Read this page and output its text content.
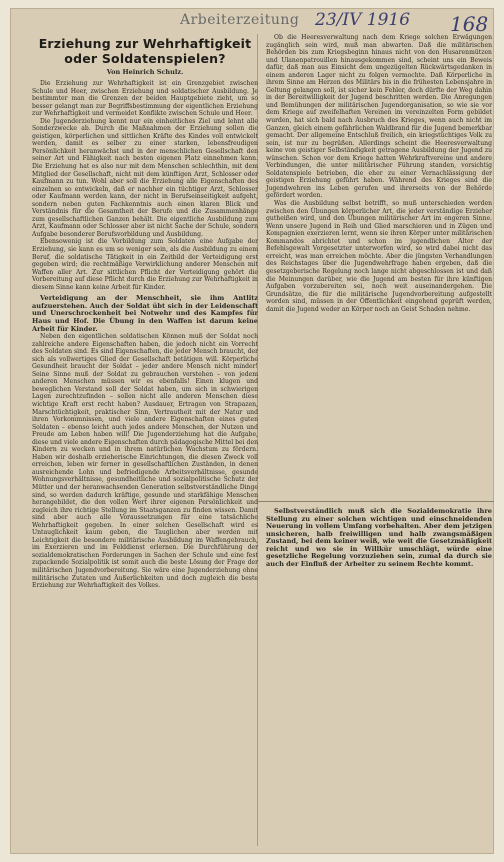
Arbeiterzeitung 23/IV 1916 168
Erziehung zur Wehrhaftigkeit oder Soldatenspielen?
Von Heinrich Schulz.

Die Erziehung zur Wehrhaftigkeit ist ein Grenzgebiet zwischen Schule und Heer, zwischen Erziehung und soldatischer Ausbildung. Je bestimmter man die Grenzen der beiden Hauptgebiete zieht, um so besser gelangt man zur Begriffsbestimmung der eigentlichen Erziehung zur Wehrhaftigkeit und vermeidet Konflikte zwischen Schule und Heer.

Die Jugenderziehung kennt nur ein einheitliches Ziel und lehnt alle Sonderzwecke ab. Durch die Maßnahmen der Erziehung sollen die geistigen, körperlichen und sittlichen Kräfte des Kindes voll entwickelt werden, damit es selber zu einer starken, lebensfreudigen Persönlichkeit heranwächst und in der menschlichen Gesellschaft den seiner Art und Fähigkeit nach besten eigenen Platz einnehmen kann. Die Erziehung hat es also nur mit dem Menschen schlechthin, mit dem Mitglied der Gesellschaft, nicht mit dem künftigen Arzt, Schlosser oder Kaufmann zu tun. Wohl aber soll die Erziehung alle Eigenschaften des einzelnen so entwickeln, daß er nachher ein tüchtiger Arzt, Schlosser oder Kaufmann werden kann, der nicht in Berufseinseitigkeit aufgeht, sondern neben guten Fachkenntnis auch einen klaren Blick und Verständnis für die Gesamtheit der Berufe und die Zusammenhänge zum gesellschaftlichen Ganzen behält. Die eigentliche Ausbildung zum Arzt, Kaufmann oder Schlosser aber ist nicht Sache der Schule, sondern Aufgabe besonderer Berufsvorbildung und Ausbildung.

Ebensowenig ist die Vorbildung zum Soldaten eine Aufgabe der Erziehung, sie kann es um so weniger sein, als die Ausbildung zu einem Beruf, die soldatische Tätigkeit in ein Zeitbild der Verteidigung erst gegeben wird; die rechtmäßige Verwirklichung anderer Menschen mit Waffen aller Art. Zur sittlichen Pflicht der Verteidigung gehört die Vorbereitung auf diese Pflicht durch die Erziehung zur Wehrhaftigkeit in diesem Sinne kann keine Arbeit für Kinder.

Verteidigung an der Menschheit, sie ihm Antlitz aufzuerstehen. Auch der Soldat übt sich in der Leidenschaft und Unerschrockenheit bei Notwehr und des Kampfes für Haus und Hof. Die Übung in den Waffen ist darum keine Arbeit für Kinder.

Neben den eigentlichen soldatischen Können muß der Soldat noch zahlreiche andere Eigenschaften haben, die jedoch nicht ein Vorrecht des Soldaten sind. Es sind Eigenschaften, die jeder Mensch braucht, der sich als vollwertiges Glied der Gesellschaft betätigen will. Körperliche Gesundheit braucht der Soldat – jeder andere Mensch nicht minder! Seine Sinne muß der Soldat zu gebrauchen verstehen – von jedem anderen Menschen müssen wir es ebenfalls! Einen klugen und beweglichen Verstand soll der Soldat haben, um sich in schwierigen Lagen zurechtzufinden – sollen nicht alle anderen Menschen diese wichtige Kraft erst recht haben? Ausdauer, Ertragen von Strapazen, Marschtüchtigkeit, praktischer Sinn, Vertrautheit mit der Natur und ihren Vorkommnissen, und viele andere Eigenschaften eines guten Soldaten – ebenso leicht auch jedes andere Menschen, der Nutzen und Freude am Leben haben will! Die Jugenderziehung hat die Aufgabe, diese und viele andere Eigenschaften durch pädagogische Mittel bei den Kindern zu wecken und in ihrem natürlichen Wachstum zu fördern. Haben wir deshalb erzieherische Einrichtungen, die diesen Zweck voll erreichen, leben wir ferner in gesellschaftlichen Zuständen, in denen ausreichende Lohn und befriedigende Arbeitsverhältnisse, gesunde Wohnungsverhältnisse, gesundheitliche und sozialpolitische Schutz der Mütter und der heranwachsenden Generation selbstverständliche Dinge sind, so werden dadurch kräftige, gesunde und starkfähige Menschen herangebildet, die den vollen Wert ihrer eigenen Persönlichkeit und zugleich ihre richtige Stellung im Staatsganzen zu finden wissen. Damit sind aber auch alle Voraussetzungen für eine tatsächliche Wehrhaftigkeit gegeben. In einer solchen Gesellschaft wird es Untauglichkeit kaum geben, die Tauglichen aber werden mit Leichtigkeit die besondere militärische Ausbildung im Waffengebrauch, im Exerzieren und im Felddienst erlernen. Die Durchführung der sozialdemokratischen Forderungen in Sachen der Schule und eine fest zupackende Sozialpolitik ist somit auch die beste Lösung der Frage der militärischen Jugendvorbereitung. Sie wäre eine Jugenderziehung ohne militärische Zutaten und Äußerlichkeiten und doch zugleich die beste Erziehung zur Wehrhaftigkeit des Volkes.

Ob die Heeresverwaltung nach dem Kriege solchen Erwägungen zugänglich sein wird, muß man abwarten. Daß die militärischen Behörden bis zum Kriegsbeginn hinaus nicht von den Husarenmützen und Ulanenpatrouillen hinausgekommen sind, scheint uns ein Beweis dafür, daß man aus Einsicht dem ungezügelten Rückwärtsgedanken in einem anderen Lager nicht zu folgen vermochte. Daß Körperliche in ihrem Sinne am Herzen des Militärs bis in die frühesten Lebensjahre in Geltung gelangen soll, ist sicher kein Fehler, doch dürfte der Weg dahin in der Bereitwilligkeit der Jugend beschritten werden. Die Anregungen und Bemühungen der militärischen Jugendorganisation, so wie sie vor dem Kriege auf zweifelhaften Vereinen im vereinzelten Form gebildet wurden, hat sich bald nach Ausbruch des Krieges, wenn auch nicht im Ganzen, gleich einem gefährlichen Waldbrand für die Jugend bemerkbar gemacht. Der allgemeine Entschluß freilich, ein kriegstüchtiges Volk zu sein, ist nur zu begrüßen. Allerdings scheint die Heeresverwaltung keine von geistiger Selbständigkeit getragene Ausbildung der Jugend zu wünschen. Schon vor dem Kriege hatten Wehrkraftvereine und andere Verbindungen, die unter militärischer Führung standen, vorsichtig Soldatenspiele betrieben, die eher zu einer Vernachlässigung der geistigen Erziehung geführt haben. Während des Krieges sind die Jugendwehren ins Leben gerufen und ihrerseits von der Behörde gefördert worden.

Was die Ausbildung selbst betrifft, so muß unterschieden werden zwischen den Übungen körperlicher Art, die jeder verständige Erzieher gutheißen wird, und den Übungen militärischer Art im engeren Sinne. Wenn unsere Jugend in Reih und Glied marschieren und in Zügen und Kompagnien exerzieren lernt, wenn sie ihren Körper unter militärischen Kommandos abrichtet und schon im jugendlichen Alter der Befehlsgewalt Vorgesetzter unterworfen wird, so wird dabei nicht das erreicht, was man erreichen möchte. Aber die jüngsten Verhandlungen des Reichstages über die Jugendwehrfrage haben ergeben, daß die gesetzgeberische Regelung noch lange nicht abgeschlossen ist und daß die Meinungen darüber, wie die Jugend am besten für ihre künftigen Aufgaben vorzubereiten sei, noch weit auseinandergehen. Die Grundsätze, die für die militärische Jugendvorbereitung aufgestellt worden sind, müssen in der Öffentlichkeit eingehend geprüft werden, damit die Jugend weder an Körper noch an Geist Schaden nehme.

Selbstverständlich muß sich die Sozialdemokratie ihre Stellung zu einer solchen wichtigen und einschneidenden Neuerung in vollem Umfang vorbehalten. Aber dem jetzigen unsicheren, halb freiwilligen und halb zwangsmäßigen Zustand, bei dem keiner weiß, wie weit die Gesetzmäßigkeit reicht und wo sie in Willkür umschlägt, würde eine gesetzliche Regelung vorzuziehen sein, zumal da durch sie auch der Einfluß der Arbeiter zu seinem Rechte kommt.
